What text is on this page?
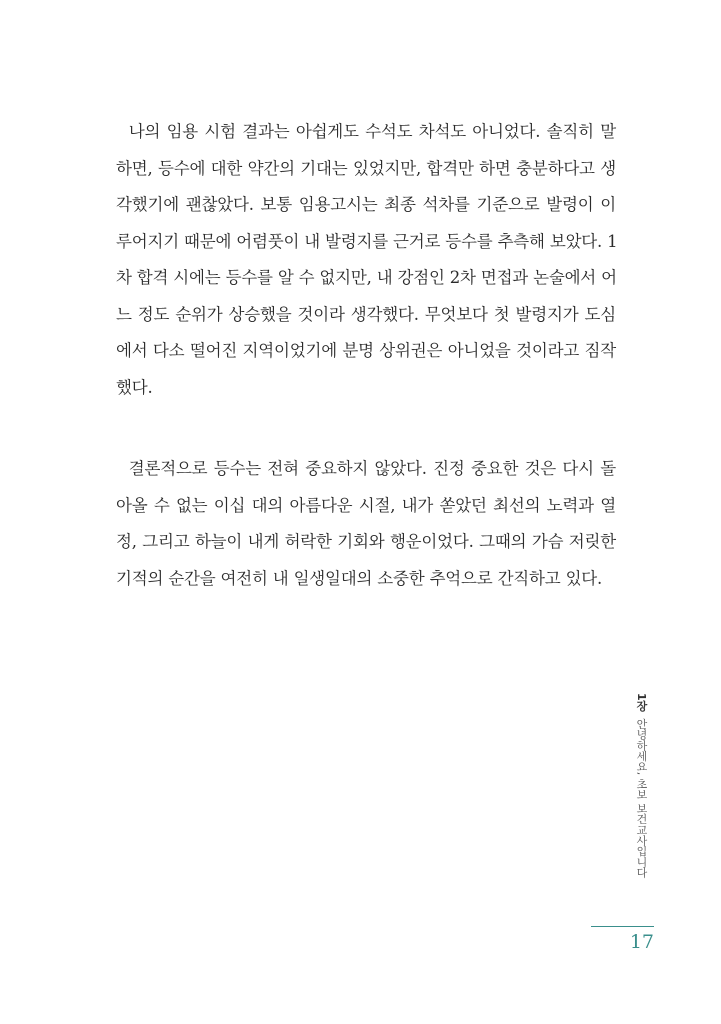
나의 임용 시험 결과는 아쉽게도 수석도 차석도 아니었다. 솔직히 말
하면, 등수에 대한 약간의 기대는 있었지만, 합격만 하면 충분하다고 생
각했기에 괜찮았다. 보통 임용고시는 최종 석차를 기준으로 발령이 이
루어지기 때문에 어렴풋이 내 발령지를 근거로 등수를 추측해 보았다. 1
차 합격 시에는 등수를 알 수 없지만, 내 강점인 2차 면접과 논술에서 어
느 정도 순위가 상승했을 것이라 생각했다. 무엇보다 첫 발령지가 도심
에서 다소 떨어진 지역이었기에 분명 상위권은 아니었을 것이라고 짐작
했다.
결론적으로 등수는 전혀 중요하지 않았다. 진정 중요한 것은 다시 돌
아올 수 없는 이십 대의 아름다운 시절, 내가 쏟았던 최선의 노력과 열
정, 그리고 하늘이 내게 허락한 기회와 행운이었다. 그때의 가슴 저릿한
기적의 순간을 여전히 내 일생일대의 소중한 추억으로 간직하고 있다.
1장 안녕하세요, 초보 보건교사입니다
17
